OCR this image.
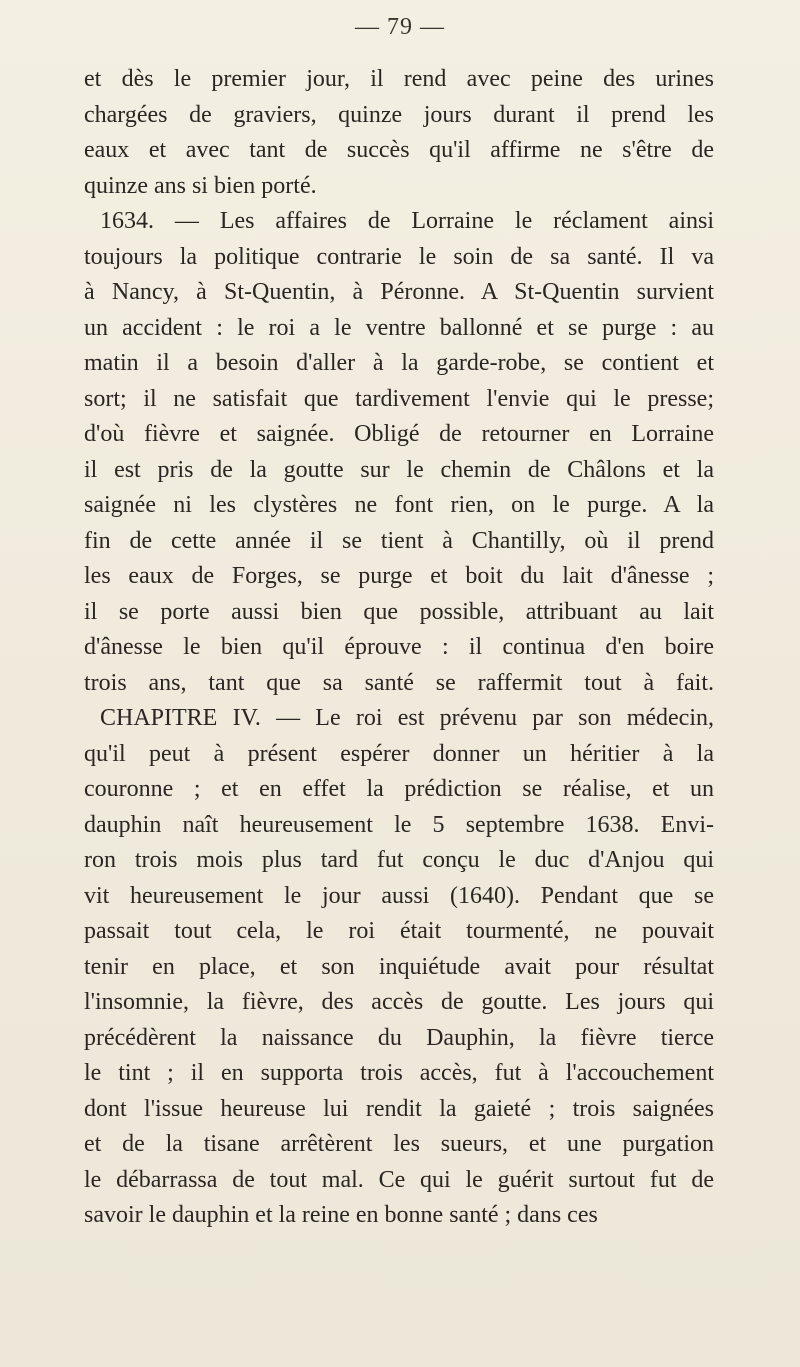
— 79 —
et dès le premier jour, il rend avec peine des urines
chargées de graviers, quinze jours durant il prend les
eaux et avec tant de succès qu'il affirme ne s'être de
quinze ans si bien porté.
1634. — Les affaires de Lorraine le réclament ainsi
toujours la politique contrarie le soin de sa santé. Il va
à Nancy, à St-Quentin, à Péronne. A St-Quentin survient
un accident : le roi a le ventre ballonné et se purge : au
matin il a besoin d'aller à la garde-robe, se contient et
sort; il ne satisfait que tardivement l'envie qui le presse;
d'où fièvre et saignée. Obligé de retourner en Lorraine
il est pris de la goutte sur le chemin de Châlons et la
saignée ni les clystères ne font rien, on le purge. A la
fin de cette année il se tient à Chantilly, où il prend
les eaux de Forges, se purge et boit du lait d'ânesse ;
il se porte aussi bien que possible, attribuant au lait
d'ânesse le bien qu'il éprouve : il continua d'en boire
trois ans, tant que sa santé se raffermit tout à fait.
CHAPITRE IV. — Le roi est prévenu par son médecin,
qu'il peut à présent espérer donner un héritier à la
couronne ; et en effet la prédiction se réalise, et un
dauphin naît heureusement le 5 septembre 1638. Envi-
ron trois mois plus tard fut conçu le duc d'Anjou qui
vit heureusement le jour aussi (1640). Pendant que se
passait tout cela, le roi était tourmenté, ne pouvait
tenir en place, et son inquiétude avait pour résultat
l'insomnie, la fièvre, des accès de goutte. Les jours qui
précédèrent la naissance du Dauphin, la fièvre tierce
le tint ; il en supporta trois accès, fut à l'accouchement
dont l'issue heureuse lui rendit la gaieté ; trois saignées
et de la tisane arrêtèrent les sueurs, et une purgation
le débarrassa de tout mal. Ce qui le guérit surtout fut de
savoir le dauphin et la reine en bonne santé ; dans ces
